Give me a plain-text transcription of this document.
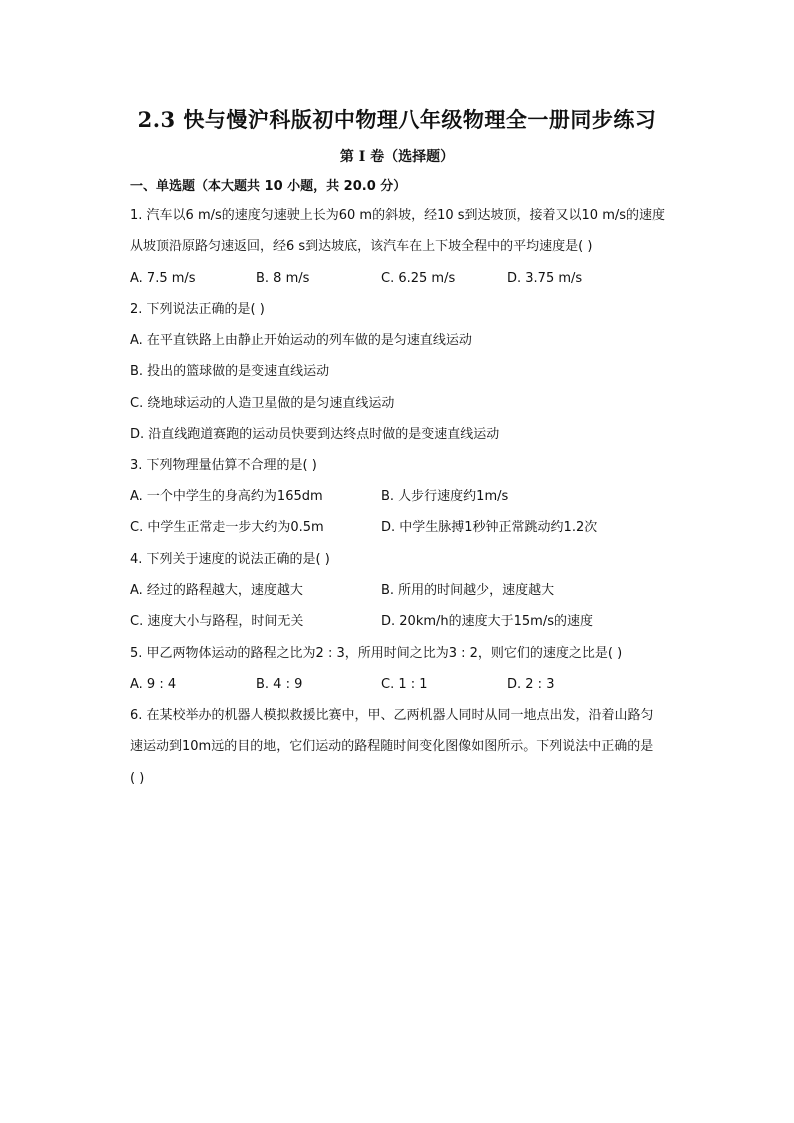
2.3 快与慢沪科版初中物理八年级物理全一册同步练习
第 I 卷（选择题）
一、单选题（本大题共 10 小题，共 20.0 分）
1. 汽车以6 m/s的速度匀速驶上长为60 m的斜坡，经10 s到达坡顶，接着又以10 m/s的速度
从坡顶沿原路匀速返回，经6 s到达坡底，该汽车在上下坡全程中的平均速度是( )
A. 7.5 m/s	B. 8 m/s	C. 6.25 m/s	D. 3.75 m/s
2. 下列说法正确的是( )
A. 在平直铁路上由静止开始运动的列车做的是匀速直线运动
B. 投出的篮球做的是变速直线运动
C. 绕地球运动的人造卫星做的是匀速直线运动
D. 沿直线跑道赛跑的运动员快要到达终点时做的是变速直线运动
3. 下列物理量估算不合理的是( )
A. 一个中学生的身高约为165dm	B. 人步行速度约1m/s
C. 中学生正常走一步大约为0.5m	D. 中学生脉搏1秒钟正常跳动约1.2次
4. 下列关于速度的说法正确的是( )
A. 经过的路程越大，速度越大	B. 所用的时间越少，速度越大
C. 速度大小与路程，时间无关	D. 20km/h的速度大于15m/s的速度
5. 甲乙两物体运动的路程之比为2 : 3，所用时间之比为3 : 2，则它们的速度之比是( )
A. 9 : 4	B. 4 : 9	C. 1 : 1	D. 2 : 3
6. 在某校举办的机器人模拟救援比赛中，甲、乙两机器人同时从同一地点出发，沿着山路匀
速运动到10m远的目的地，它们运动的路程随时间变化图像如图所示。下列说法中正确的是
( )
